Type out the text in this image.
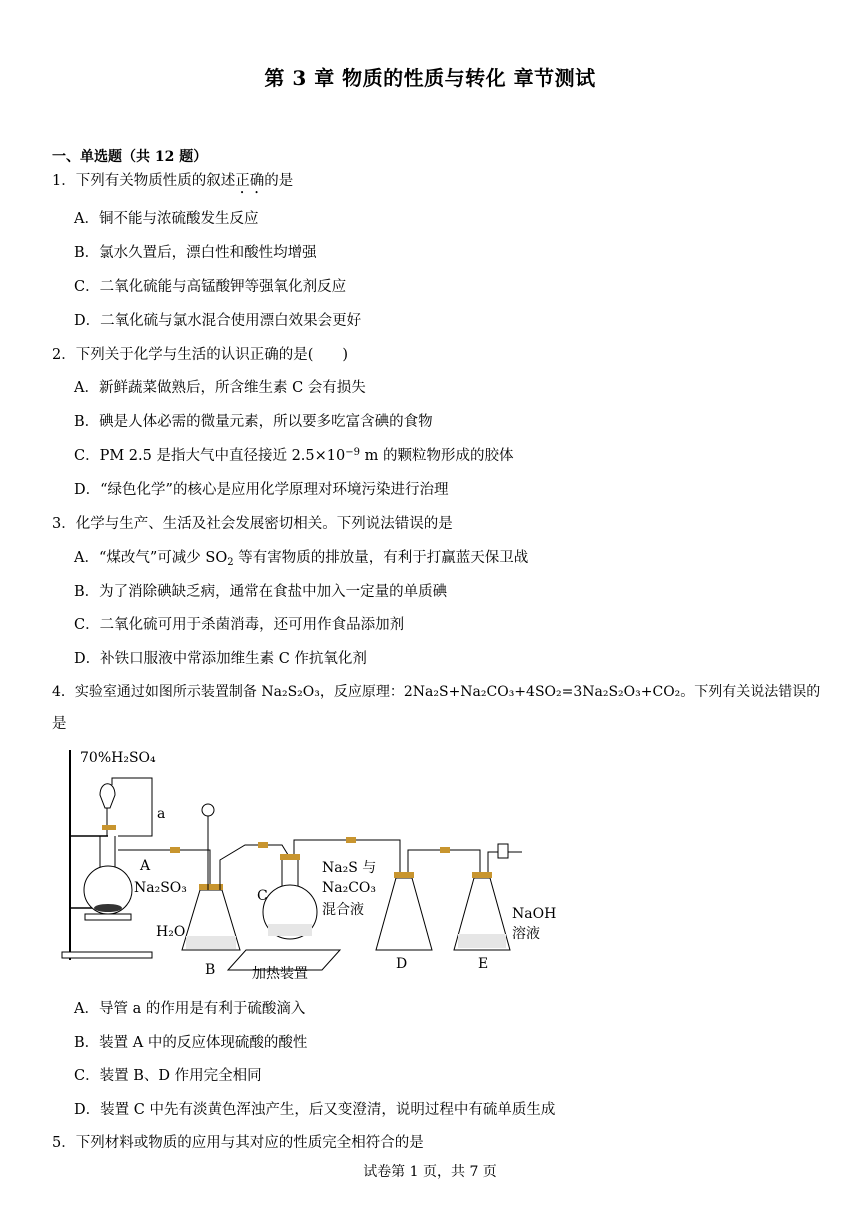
第 3 章 物质的性质与转化 章节测试
一、单选题（共 12 题）
1．下列有关物质性质的叙述正确的是
A．铜不能与浓硫酸发生反应
B．氯水久置后，漂白性和酸性均增强
C．二氧化硫能与高锰酸钾等强氧化剂反应
D．二氧化硫与氯水混合使用漂白效果会更好
2．下列关于化学与生活的认识正确的是(　　)
A．新鲜蔬菜做熟后，所含维生素 C 会有损失
B．碘是人体必需的微量元素，所以要多吃富含碘的食物
C．PM 2.5 是指大气中直径接近 $2.5\times 10^{-9}$ m 的颗粒物形成的胶体
D．“绿色化学”的核心是应用化学原理对环境污染进行治理
3．化学与生产、生活及社会发展密切相关。下列说法错误的是
A．“煤改气”可减少 $SO_2$ 等有害物质的排放量，有利于打赢蓝天保卫战
B．为了消除碘缺乏病，通常在食盐中加入一定量的单质碘
C．二氧化硫可用于杀菌消毒，还可用作食品添加剂
D．补铁口服液中常添加维生素 C 作抗氧化剂
4．实验室通过如图所示装置制备 Na₂S₂O₃，反应原理：2Na₂S+Na₂CO₃+4SO₂=3Na₂S₂O₃+CO₂。下列有关说法错误的
是
70%H₂SO₄
a
A
Na₂SO₃
H₂O
B
C
Na₂S 与
Na₂CO₃
混合液
加热装置
D	E
NaOH
溶液
A．导管 a 的作用是有利于硫酸滴入
B．装置 A 中的反应体现硫酸的酸性
C．装置 B、D 作用完全相同
D．装置 C 中先有淡黄色浑浊产生，后又变澄清，说明过程中有硫单质生成
5．下列材料或物质的应用与其对应的性质完全相符合的是
试卷第 1 页，共 7 页
